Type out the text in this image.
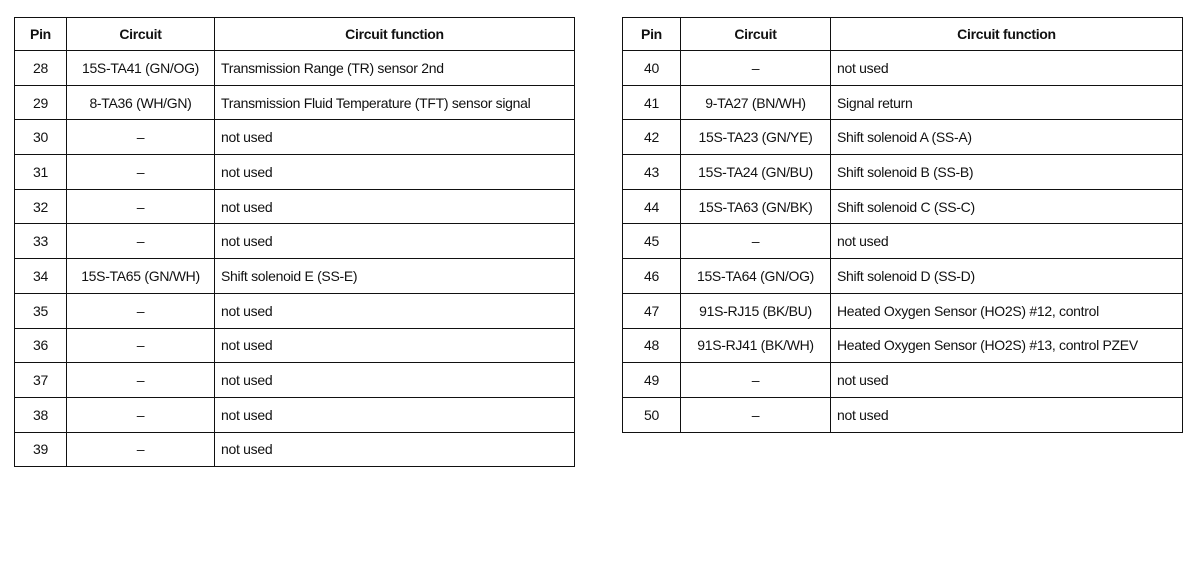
Pin	Circuit	Circuit function
28	15S-TA41 (GN/OG)	Transmission Range (TR) sensor 2nd
29	8-TA36 (WH/GN)	Transmission Fluid Temperature (TFT) sensor signal
30	–	not used
31	–	not used
32	–	not used
33	–	not used
34	15S-TA65 (GN/WH)	Shift solenoid E (SS-E)
35	–	not used
36	–	not used
37	–	not used
38	–	not used
39	–	not used
Pin	Circuit	Circuit function
40	–	not used
41	9-TA27 (BN/WH)	Signal return
42	15S-TA23 (GN/YE)	Shift solenoid A (SS-A)
43	15S-TA24 (GN/BU)	Shift solenoid B (SS-B)
44	15S-TA63 (GN/BK)	Shift solenoid C (SS-C)
45	–	not used
46	15S-TA64 (GN/OG)	Shift solenoid D (SS-D)
47	91S-RJ15 (BK/BU)	Heated Oxygen Sensor (HO2S) #12, control
48	91S-RJ41 (BK/WH)	Heated Oxygen Sensor (HO2S) #13, control PZEV
49	–	not used
50	–	not used
